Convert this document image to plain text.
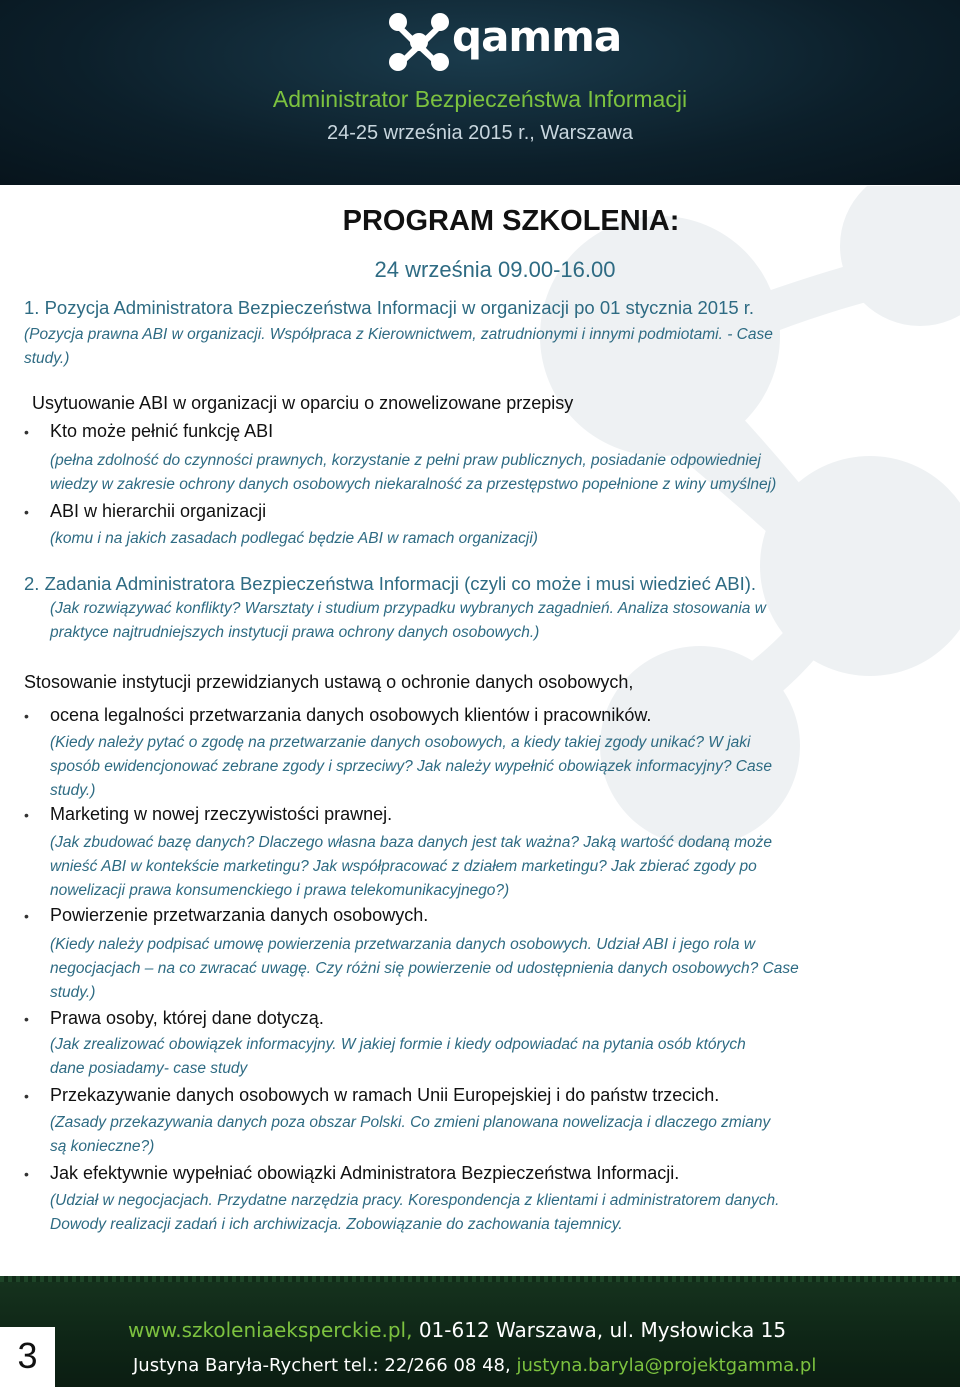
qamma
Administrator Bezpieczeństwa Informacji
24-25 września 2015 r., Warszawa
PROGRAM SZKOLENIA:
24 września 09.00-16.00
1. Pozycja Administratora Bezpieczeństwa Informacji w organizacji po 01 stycznia 2015 r.
(Pozycja prawna ABI w organizacji. Współpraca z Kierownictwem, zatrudnionymi i innymi podmiotami. - Case
study.)
Usytuowanie ABI w organizacji w oparciu o znowelizowane przepisy
• Kto może pełnić funkcję ABI
(pełna zdolność do czynności prawnych, korzystanie z pełni praw publicznych, posiadanie odpowiedniej
wiedzy w zakresie ochrony danych osobowych niekaralność za przestępstwo popełnione z winy umyślnej)
• ABI w hierarchii organizacji
(komu i na jakich zasadach podlegać będzie ABI w ramach organizacji)
2. Zadania Administratora Bezpieczeństwa Informacji (czyli co może i musi wiedzieć ABI).
(Jak rozwiązywać konflikty? Warsztaty i studium przypadku wybranych zagadnień. Analiza stosowania w
praktyce najtrudniejszych instytucji prawa ochrony danych osobowych.)
Stosowanie instytucji przewidzianych ustawą o ochronie danych osobowych,
• ocena legalności przetwarzania danych osobowych klientów i pracowników.
(Kiedy należy pytać o zgodę na przetwarzanie danych osobowych, a kiedy takiej zgody unikać? W jaki
sposób ewidencjonować zebrane zgody i sprzeciwy? Jak należy wypełnić obowiązek informacyjny? Case
study.)
• Marketing w nowej rzeczywistości prawnej.
(Jak zbudować bazę danych? Dlaczego własna baza danych jest tak ważna? Jaką wartość dodaną może
wnieść ABI w kontekście marketingu? Jak współpracować z działem marketingu? Jak zbierać zgody po
nowelizacji prawa konsumenckiego i prawa telekomunikacyjnego?)
• Powierzenie przetwarzania danych osobowych.
(Kiedy należy podpisać umowę powierzenia przetwarzania danych osobowych. Udział ABI i jego rola w
negocjacjach – na co zwracać uwagę. Czy różni się powierzenie od udostępnienia danych osobowych? Case
study.)
• Prawa osoby, której dane dotyczą.
(Jak zrealizować obowiązek informacyjny. W jakiej formie i kiedy odpowiadać na pytania osób których
dane posiadamy- case study
• Przekazywanie danych osobowych w ramach Unii Europejskiej i do państw trzecich.
(Zasady przekazywania danych poza obszar Polski. Co zmieni planowana nowelizacja i dlaczego zmiany
są konieczne?)
• Jak efektywnie wypełniać obowiązki Administratora Bezpieczeństwa Informacji.
(Udział w negocjacjach. Przydatne narzędzia pracy. Korespondencja z klientami i administratorem danych.
Dowody realizacji zadań i ich archiwizacja. Zobowiązanie do zachowania tajemnicy.
3
www.szkoleniaeksperckie.pl, 01-612 Warszawa, ul. Mysłowicka 15
Justyna Baryła-Rychert tel.: 22/266 08 48, justyna.baryla@projektgamma.pl
